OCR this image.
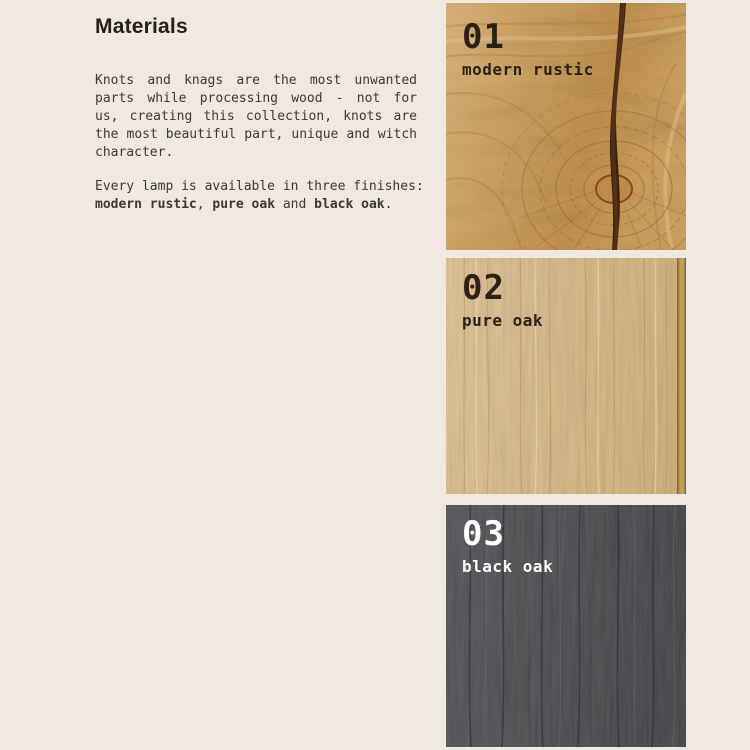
Materials
Knots and knags are the most unwanted
parts while processing wood - not for
us, creating this collection, knots are
the most beautiful part, unique and witch
character.
Every lamp is available in three finishes:
modern rustic, pure oak and black oak.
01
modern rustic
02
pure oak
03
black oak
